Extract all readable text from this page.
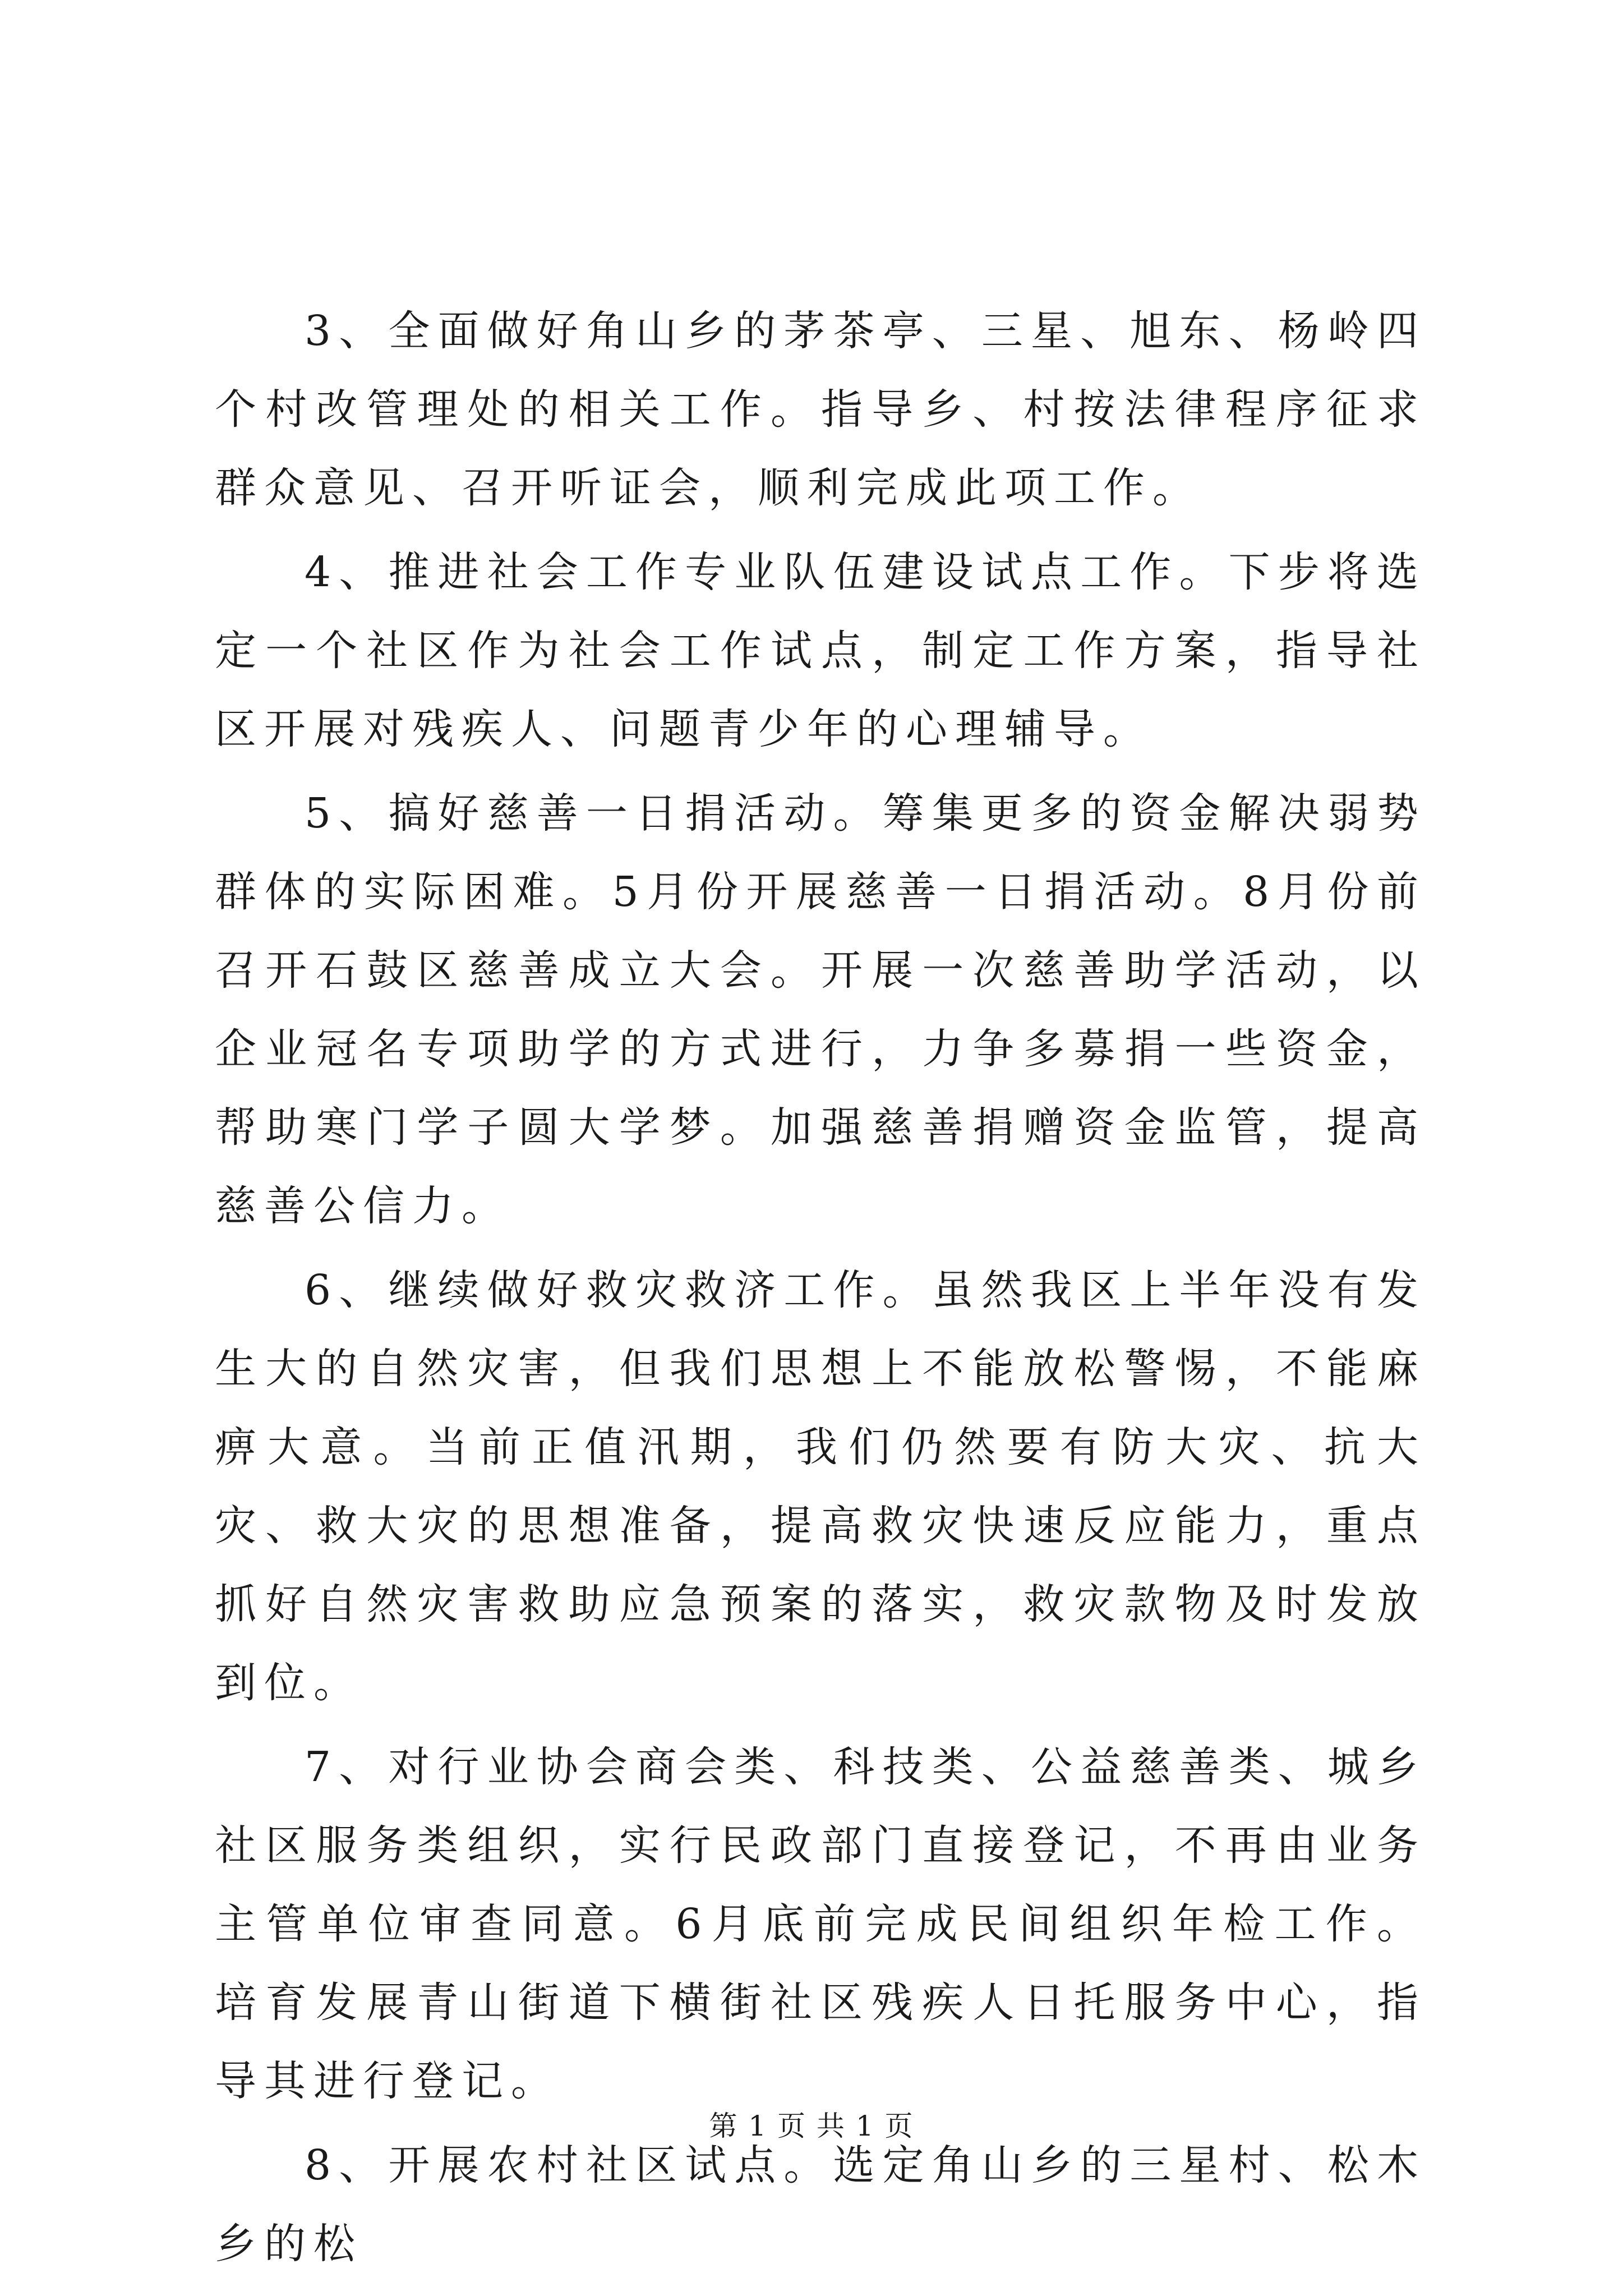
3、全面做好角山乡的茅茶亭、三星、旭东、杨岭四个村改管理处的相关工作。指导乡、村按法律程序征求群众意见、召开听证会，顺利完成此项工作。

4、推进社会工作专业队伍建设试点工作。下步将选定一个社区作为社会工作试点，制定工作方案，指导社区开展对残疾人、问题青少年的心理辅导。

5、搞好慈善一日捐活动。筹集更多的资金解决弱势群体的实际困难。5月份开展慈善一日捐活动。8月份前召开石鼓区慈善成立大会。开展一次慈善助学活动，以企业冠名专项助学的方式进行，力争多募捐一些资金，帮助寒门学子圆大学梦。加强慈善捐赠资金监管，提高慈善公信力。

6、继续做好救灾救济工作。虽然我区上半年没有发生大的自然灾害，但我们思想上不能放松警惕，不能麻痹大意。当前正值汛期，我们仍然要有防大灾、抗大灾、救大灾的思想准备，提高救灾快速反应能力，重点抓好自然灾害救助应急预案的落实，救灾款物及时发放到位。

7、对行业协会商会类、科技类、公益慈善类、城乡社区服务类组织，实行民政部门直接登记，不再由业务主管单位审查同意。6月底前完成民间组织年检工作。培育发展青山街道下横街社区残疾人日托服务中心，指导其进行登记。

8、开展农村社区试点。选定角山乡的三星村、松木乡的松

第 1 页 共 1 页
